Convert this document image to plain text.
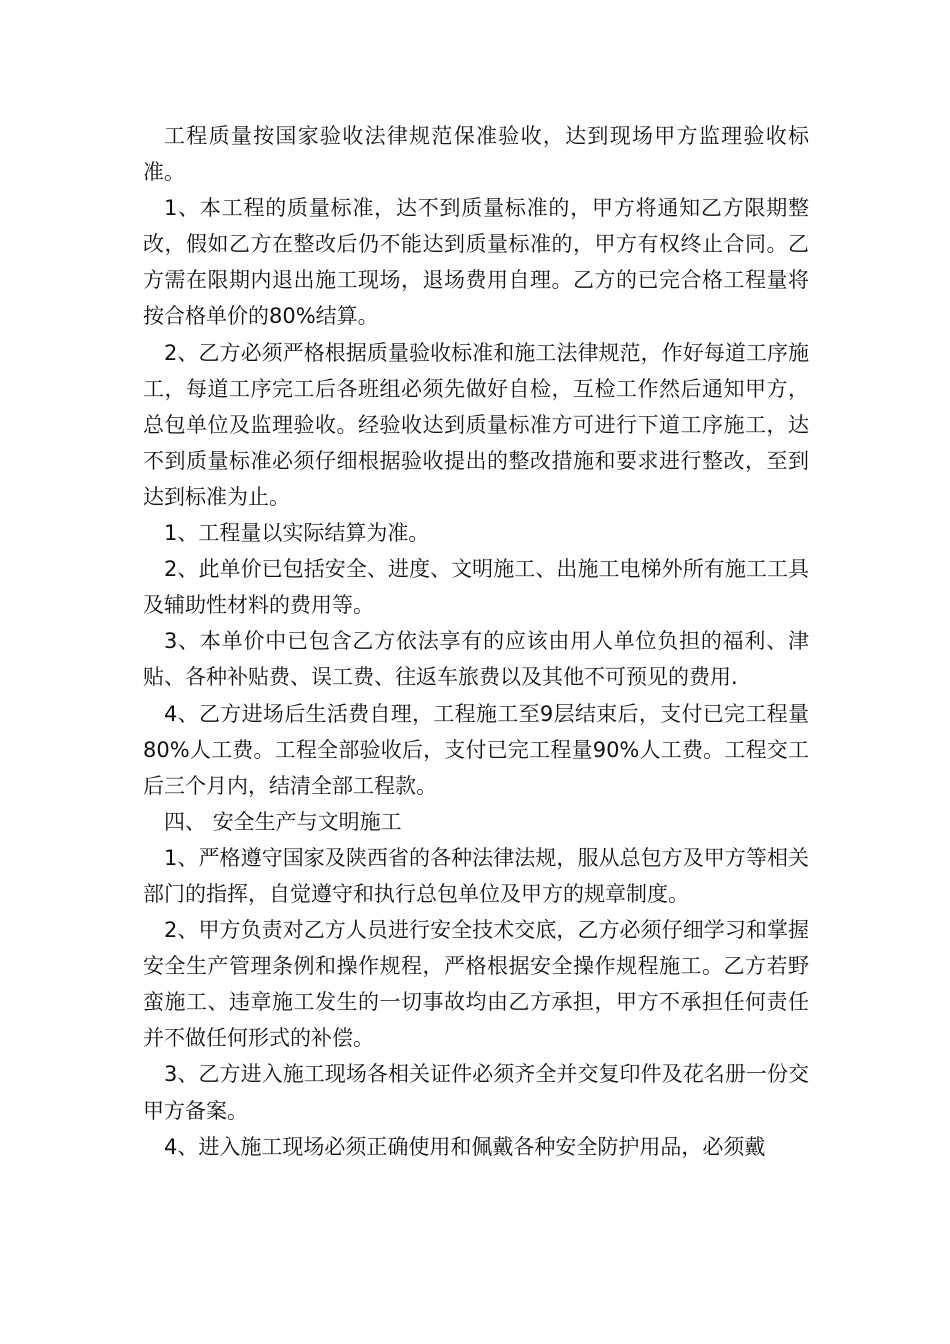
工程质量按国家验收法律规范保准验收，达到现场甲方监理验收标准。

1、本工程的质量标准，达不到质量标准的，甲方将通知乙方限期整改，假如乙方在整改后仍不能达到质量标准的，甲方有权终止合同。乙方需在限期内退出施工现场，退场费用自理。乙方的已完合格工程量将按合格单价的80%结算。

2、乙方必须严格根据质量验收标准和施工法律规范，作好每道工序施工，每道工序完工后各班组必须先做好自检，互检工作然后通知甲方，总包单位及监理验收。经验收达到质量标准方可进行下道工序施工，达不到质量标准必须仔细根据验收提出的整改措施和要求进行整改，至到达到标准为止。

1、工程量以实际结算为准。

2、此单价已包括安全、进度、文明施工、出施工电梯外所有施工工具及辅助性材料的费用等。

3、本单价中已包含乙方依法享有的应该由用人单位负担的福利、津贴、各种补贴费、误工费、往返车旅费以及其他不可预见的费用.

4、乙方进场后生活费自理，工程施工至9层结束后，支付已完工程量80%人工费。工程全部验收后，支付已完工程量90%人工费。工程交工后三个月内，结清全部工程款。

四、 安全生产与文明施工

1、严格遵守国家及陕西省的各种法律法规，服从总包方及甲方等相关部门的指挥，自觉遵守和执行总包单位及甲方的规章制度。

2、甲方负责对乙方人员进行安全技术交底，乙方必须仔细学习和掌握安全生产管理条例和操作规程，严格根据安全操作规程施工。乙方若野蛮施工、违章施工发生的一切事故均由乙方承担，甲方不承担任何责任并不做任何形式的补偿。

3、乙方进入施工现场各相关证件必须齐全并交复印件及花名册一份交甲方备案。

4、进入施工现场必须正确使用和佩戴各种安全防护用品，必须戴
